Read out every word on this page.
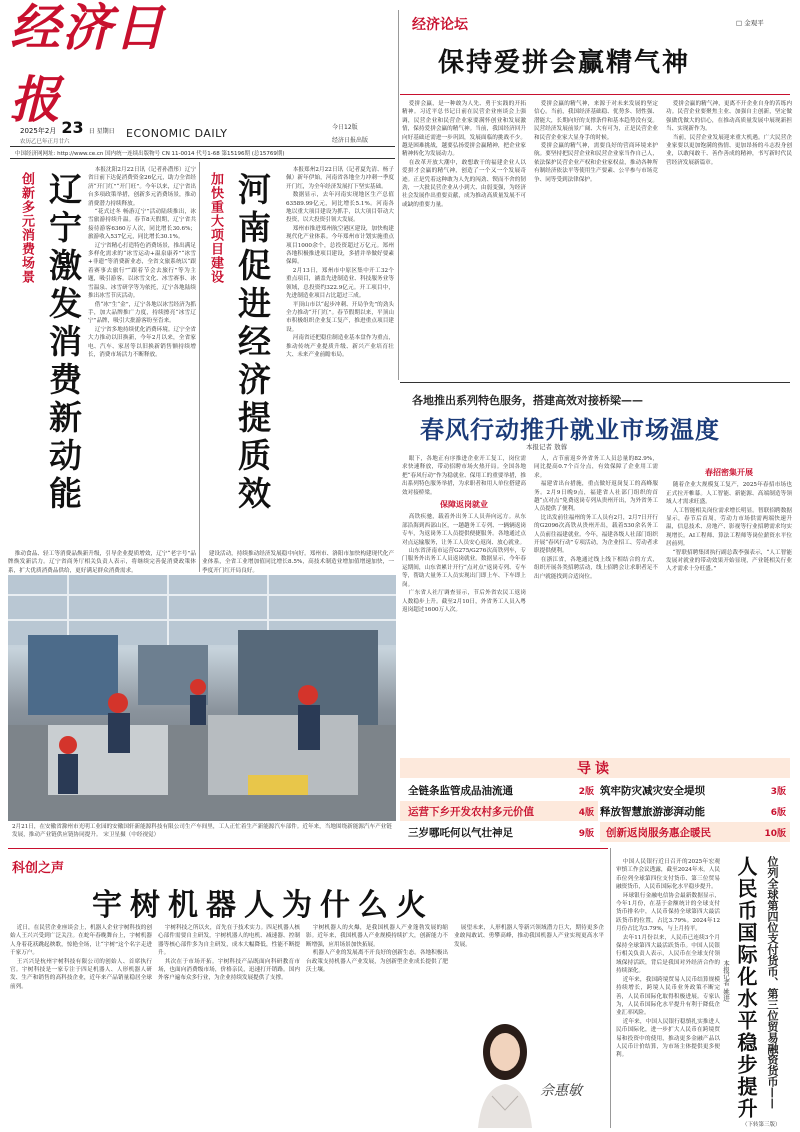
经济日报
2025年2月 23 日 星期日
农历乙巳年正月廿六
ECONOMIC DAILY	今日12版
经济日报出版
中国经济网网址: http://www.ce.cn 国内统一连续出版物号 CN 11-0014 代号1-68 第15196期 (总15769期)
经济论坛	□ 金观平
保持爱拼会赢精气神

爱拼会赢，是一种敢为人先、勇于实践的开拓精神。习近平总书记日前在民营企业座谈会上强调，民营企业和民营企业家要满怀创业和发展激情，保持爱拼会赢的精气神。当前，我国经济回升向好基础还需进一步巩固，发展面临的挑战不少。越是困难挑战，越要弘扬爱拼会赢精神，把企业家精神转化为发展动力。

在改革开放大潮中，敢想敢干的福建企业人以爱拼才会赢的精气神，创造了一个又一个发展奇迹。正是凭着这种敢为人先的闯劲、锲而不舍的韧劲，一大批民营企业从小到大、由弱变强，为经济社会发展作出重要贡献，成为推动高质量发展不可或缺的重要力量。

爱拼会赢的精气神，来源于对未来发展的坚定信心。当前，我国经济基础稳、优势多、韧性强、潜能大，长期向好的支撑条件和基本趋势没有变。民营经济发展前景广阔、大有可为，正是民营企业和民营企业家大显身手的时候。

爱拼会赢的精气神，需要良好的营商环境来护航。要坚持把民营企业和民营企业家当作自己人，依法保护民营企业产权和企业家权益，推动各种所有制经济依法平等使用生产要素、公平参与市场竞争、同等受到法律保护。

爱拼会赢的精气神，更离不开企业自身的苦练内功。民营企业要聚焦主业、加强自主创新，坚定做强做优做大的信心，在推动高质量发展中展现新担当、实现新作为。

当前，民营企业发展迎来重大机遇。广大民营企业家要以更加饱满的热情、更加昂扬的斗志投身创业，以敢闯敢干、善作善成的精神，书写新时代民营经济发展新篇章。

创新多元消费场景 辽宁激发消费新动能

本报沈阳2月22日讯（记者孙潜彤）辽宁省日前下达促消费资金26亿元，助力全省经济“开门红”“开门旺”。今年以来，辽宁省出台多项政策举措，创新多元消费场景，推动消费潜力持续释放。

“花式过冬 畅游辽宁”活动陆续推出，冰雪旅游持续升温。春节8天假期，辽宁省共接待游客6360万人次，同比增长30.6%；旅游收入537亿元，同比增长30.1%。

辽宁省精心打造特色消费场景，推出满足多样化需求的“冰雪运动+温泉康养”“冰雪+非遗”等消费新业态，全省文旅系统以“跟着赛事去旅行”“跟着节会去旅行”等为主题，吸引游客。以冰雪文化、冰雪赛事、冰雪温泉、冰雪研学等为依托，辽宁各地陆续推出冰雪节庆活动。

借“冰”生“金”，辽宁各地以冰雪经济为抓手，加大品牌推广力度，持续擦亮“冰雪辽宁”品牌，吸引大批游客纷至沓来。

辽宁省多地持续优化消费环境。辽宁全省大力推动以旧换新，今年2月以来，全省家电、汽车、家居等以旧换新销售额持续增长，消费市场活力不断释放。

推动食品、轻工等消费品焕新升级，引导企业提质增效，辽宁“老字号”品牌焕发新活力。辽宁省商务厅相关负责人表示，将继续完善促消费政策体系，扩大优质消费品供给，更好满足群众消费需求。

加快重大项目建设 河南促进经济提质效

本报郑州2月22日讯（记者夏先清、杨子佩）新年伊始，河南省各地全力冲刺一季度开门红，为全年经济发展打下坚实基础。

数据显示，去年河南实现地区生产总值63589.99亿元，同比增长5.1%。河南各地以重大项目建设为抓手，以大项目带动大投资，以大投资引领大发展。

郑州市推进郑州航空港区建设，加快构建现代化产业体系。今年郑州市计划实施重点项目1000余个，总投资超过万亿元。郑州各地积极推进项目建设，多措并举做好要素保障。

2月13日，郑州市中原区集中开工32个重点项目，涵盖先进制造业、科技服务业等领域，总投资约322.9亿元。开工项目中，先进制造业项目占比超过三成。

平顶山市以“起步冲刺、开局争先”的劲头全力推动“开门红”。春节假期以来，平顶山市积极组织企业复工复产，推进重点项目建设。

河南省还把稳住制造业基本盘作为重点，推动传统产业提质升级、新兴产业培育壮大、未来产业前瞻布局。

建设活动，持续推动经济发展稳中向好。郑州市、洛阳市加快构建现代化产业体系，全省工业增加值同比增长8.5%，高技术制造业增加值增速加快，一季度开门红开局良好。

2月21日，在安徽省滁州市光明工业园的安徽国轩新能源科技有限公司生产车间里，工人正忙着生产新能源汽车部件。近年来，当地围绕新能源汽车产业链发展，推动产业链供应链协同提升。 宋卫星摄（中经视觉）
各地推出系列特色服务，搭建高效对接桥梁——
春风行动推升就业市场温度
本报记者 敖蓉

眼下，各地正有序推进企业开工复工，岗位需求快速释放，带动招聘市场火热开局。全国各地把“春风行动”作为稳就业、保用工的重要举措，推出系列特色服务举措，为求职者和用人单位搭建高效对接桥梁。

保障返岗就业

高铁疾驰，载着外出务工人员奔向远方。从东部沿海到西部山区，一趟趟务工专列、一辆辆返岗专车，为返岗务工人员提供便捷服务。各地通过点对点运输服务，让务工人员安心返岗、放心就业。

山东省济南市运营G275/G276次高铁列车，专门服务外出务工人员返岗就业。数据显示，今年春运期间，山东省累计开行“点对点”返岗专列、专车等，帮助大量务工人员实现出门即上车、下车即上岗。

广东省人社厅调查显示，节后外省农民工返岗人数稳步上升。截至2月10日，外省务工人员入粤返岗超过1600万人次。

人，占节前返乡外省务工人员总量的82.9%，同比提高0.7个百分点，有效保障了企业用工需求。

福建省出台措施，重点做好返岗复工的高峰服务。2月9日晚9点，福建省人社部门组织的首趟“点对点”免费返岗专列从贵州开出，为外省务工人员提供了便利。

比出发前往福州的务工人员有2月，2月7日开行的G2096次高铁从贵州开出，载着530余名务工人员前往福建就业。今年，福建各级人社部门组织开展“春风行动”专项活动，为企业招工、劳动者求职提供便利。

在浙江省，各地通过线上线下相结合的方式，组织开展各类招聘活动，线上招聘会让求职者足不出户就能找到合适岗位。

春招密集开展

随着企业大规模复工复产，2025年春招市场也正式拉开帷幕。人工智能、新能源、高端制造等领域人才需求旺盛。

人工智能相关岗位需求增长明显。智联招聘数据显示，春节后首周，劳动力市场供需两端快速升温，信息技术、房地产、影视等行业招聘需求均实现增长。AI工程师、算法工程师等岗位薪资水平位居前列。

“智联招聘集团执行副总裁李强表示，“人工智能发展对就业的带动效果开始显现，产业链相关行业人才需求十分旺盛。”

导读
全链条监管成品油流通	2版 筑牢防灾减灾安全堤坝	3版
运营下乡开发农村多元价值	4版 释放智慧旅游澎湃动能	6版
三岁哪吒何以气壮神足	9版	创新返岗服务惠企暖民	10版
科创之声
宇树机器人为什么火

近日，在民营企业座谈会上，机器人企业宇树科技的创始人王兴兴受到广泛关注。在蛇年春晚舞台上，宇树机器人身着花袄跳起秧歌，惊艳全场，让“宇树”这个名字走进千家万户。

王兴兴是杭州宇树科技有限公司的创始人、首席执行官。宇树科技是一家专注于四足机器人、人形机器人研发、生产和销售的高科技企业，近年来产品销量稳居全球前列。

宇树科技之所以火，首先在于技术实力。四足机器人核心部件需要自主研发，宇树机器人的电机、减速器、控制器等核心部件多为自主研发，成本大幅降低，性能不断提升。

其次在于市场开拓。宇树科技产品既面向科研教育市场，也面向消费级市场，价格亲民，迅速打开销路。国内外客户遍布众多行业，为企业持续发展提供了支撑。

宇树机器人的火爆，是我国机器人产业蓬勃发展的缩影。近年来，我国机器人产业规模持续扩大，创新能力不断增强，应用场景加快拓展。

机器人产业的发展离不开良好的创新生态。各地积极出台政策支持机器人产业发展，为创新型企业成长提供了肥沃土壤。

展望未来，人形机器人等新兴领域潜力巨大，期待更多企业敢闯敢试、勇攀高峰，推动我国机器人产业实现更高水平发展。

佘惠敏

中国人民银行近日召开的2025年宏观审慎工作会议透露，截至2024年末，人民币位列全球第四位支付货币、第三位贸易融资货币，人民币国际化水平稳步提升。

环球银行金融电信协会最新数据显示，今年1月份，在基于金额统计的全球支付货币排名中，人民币保持全球第四大最活跃货币的位置，占比3.79%。2024年12月份占比为3.79%，与上月持平。

去年11月份以来，人民币已连续3个月保持全球第四大最活跃货币。中国人民银行相关负责人表示，人民币在全球支付领域保持活跃，背后是我国对外经济合作的持续深化。

近年来，我国跨境贸易人民币结算规模持续增长，跨境人民币业务政策不断完善，人民币国际化取得积极进展。专家认为，人民币国际化水平提升有利于降低企业汇率风险。

近年来，中国人民银行稳慎扎实推进人民币国际化，进一步扩大人民币在跨境贸易和投资中的使用，推动更多金融产品以人民币计价结算，为市场主体提供更多便利。

本报记者 姚进 人民币国际化水平稳步提升 位列全球第四位支付货币、第三位贸易融资货币——
（下转第三版）
